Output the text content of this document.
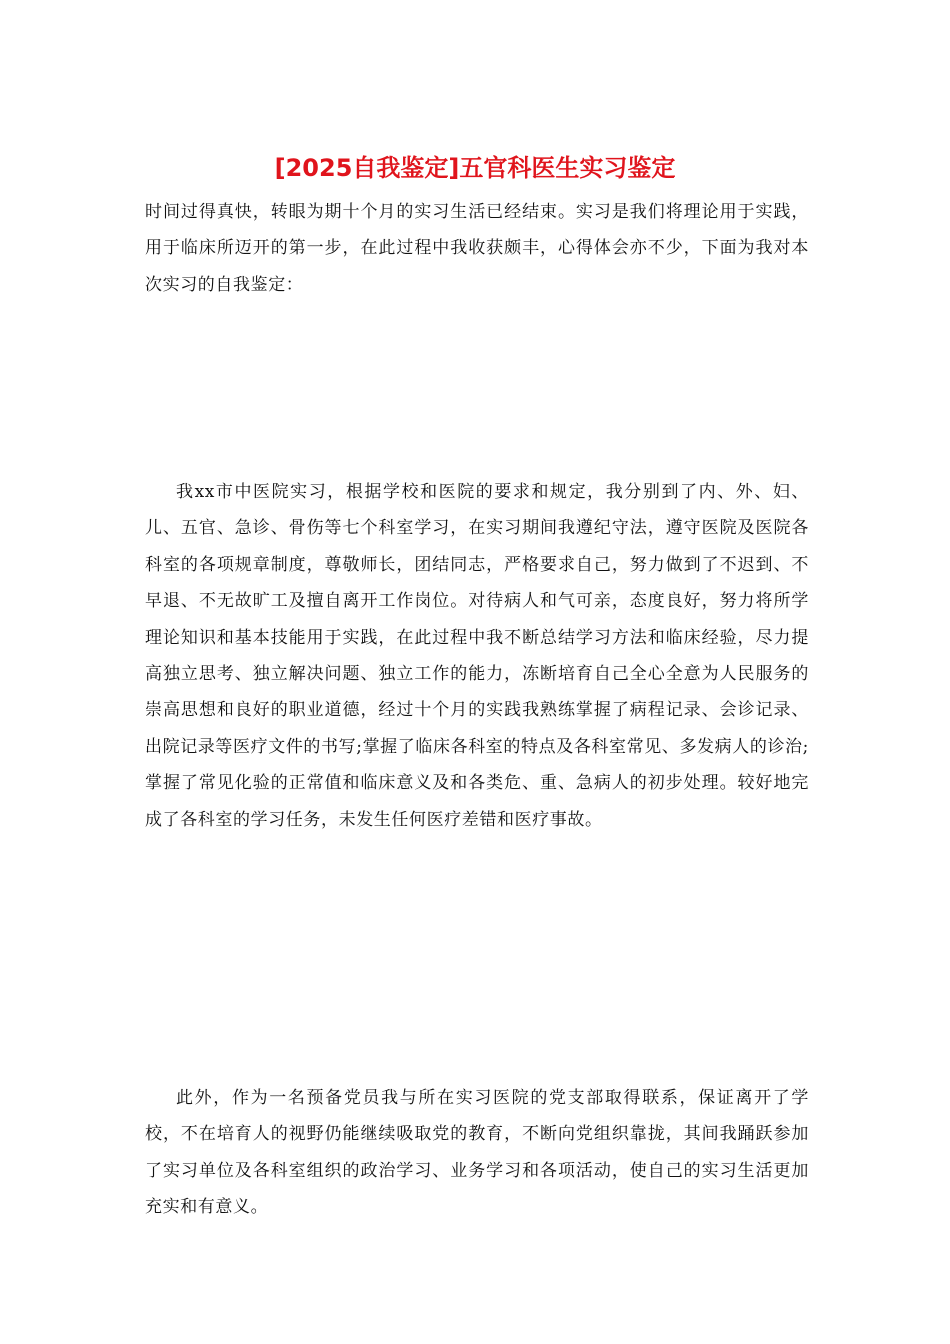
[2025自我鉴定]五官科医生实习鉴定

时间过得真快，转眼为期十个月的实习生活已经结束。实习是我们将理论用于实践，用于临床所迈开的第一步，在此过程中我收获颇丰，心得体会亦不少，下面为我对本次实习的自我鉴定：

我xx市中医院实习，根据学校和医院的要求和规定，我分别到了内、外、妇、儿、五官、急诊、骨伤等七个科室学习，在实习期间我遵纪守法，遵守医院及医院各科室的各项规章制度，尊敬师长，团结同志，严格要求自己，努力做到了不迟到、不早退、不无故旷工及擅自离开工作岗位。对待病人和气可亲，态度良好，努力将所学理论知识和基本技能用于实践，在此过程中我不断总结学习方法和临床经验，尽力提高独立思考、独立解决问题、独立工作的能力，冻断培育自己全心全意为人民服务的崇高思想和良好的职业道德，经过十个月的实践我熟练掌握了病程记录、会诊记录、出院记录等医疗文件的书写;掌握了临床各科室的特点及各科室常见、多发病人的诊治;掌握了常见化验的正常值和临床意义及和各类危、重、急病人的初步处理。较好地完成了各科室的学习任务，未发生任何医疗差错和医疗事故。

此外，作为一名预备党员我与所在实习医院的党支部取得联系，保证离开了学校，不在培育人的视野仍能继续吸取党的教育，不断向党组织靠拢，其间我踊跃参加了实习单位及各科室组织的政治学习、业务学习和各项活动，使自己的实习生活更加充实和有意义。
